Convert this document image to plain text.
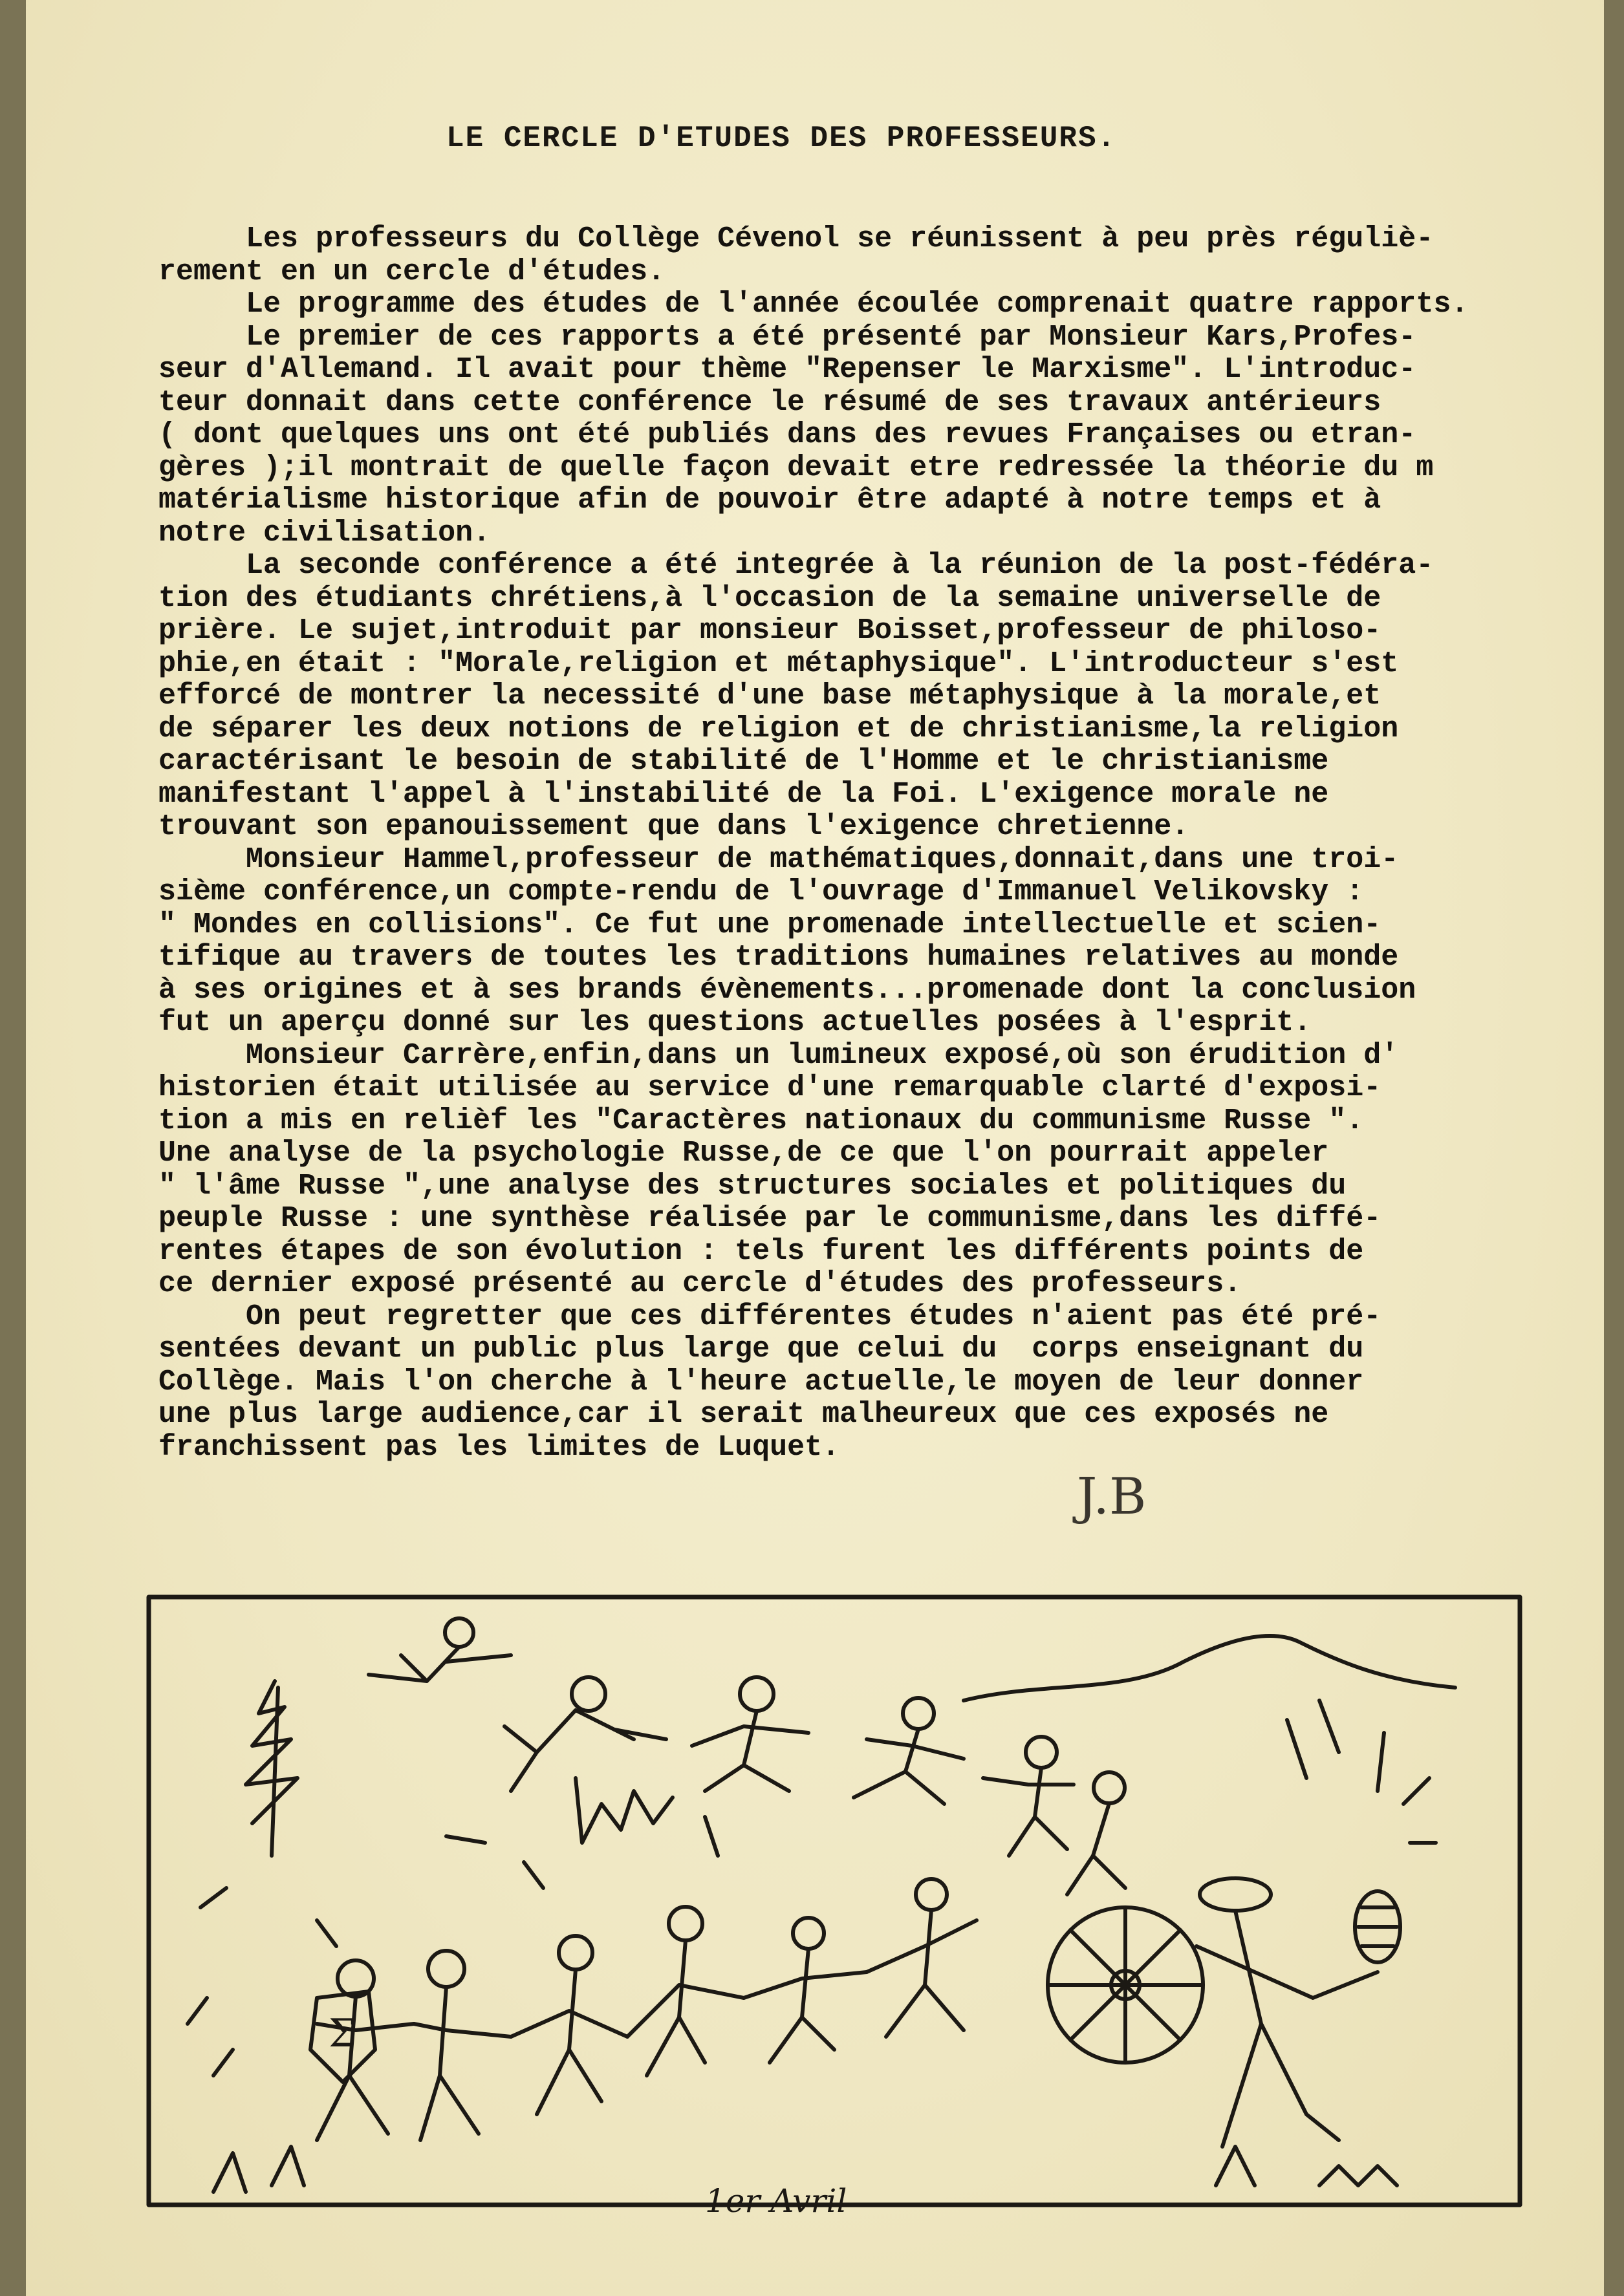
LE CERCLE D'ETUDES DES PROFESSEURS.
Les professeurs du Collège Cévenol se réunissent à peu près réguliè-
rement en un cercle d'études.
Le programme des études de l'année écoulée comprenait quatre rapports.
Le premier de ces rapports a été présenté par Monsieur Kars,Profes-
seur d'Allemand. Il avait pour thème "Repenser le Marxisme". L'introduc-
teur donnait dans cette conférence le résumé de ses travaux antérieurs
( dont quelques uns ont été publiés dans des revues Françaises ou etran-
gères );il montrait de quelle façon devait etre redressée la théorie du m
matérialisme historique afin de pouvoir être adapté à notre temps et à
notre civilisation.
La seconde conférence a été integrée à la réunion de la post-fédéra-
tion des étudiants chrétiens,à l'occasion de la semaine universelle de
prière. Le sujet,introduit par monsieur Boisset,professeur de philoso-
phie,en était : "Morale,religion et métaphysique". L'introducteur s'est
efforcé de montrer la necessité d'une base métaphysique à la morale,et
de séparer les deux notions de religion et de christianisme,la religion
caractérisant le besoin de stabilité de l'Homme et le christianisme
manifestant l'appel à l'instabilité de la Foi. L'exigence morale ne
trouvant son epanouissement que dans l'exigence chretienne.
Monsieur Hammel,professeur de mathématiques,donnait,dans une troi-
sième conférence,un compte-rendu de l'ouvrage d'Immanuel Velikovsky :
" Mondes en collisions". Ce fut une promenade intellectuelle et scien-
tifique au travers de toutes les traditions humaines relatives au monde
à ses origines et à ses brands évènements...promenade dont la conclusion
fut un aperçu donné sur les questions actuelles posées à l'esprit.
Monsieur Carrère,enfin,dans un lumineux exposé,où son érudition d'
historien était utilisée au service d'une remarquable clarté d'exposi-
tion a mis en relièf les "Caractères nationaux du communisme Russe ".
Une analyse de la psychologie Russe,de ce que l'on pourrait appeler
" l'âme Russe ",une analyse des structures sociales et politiques du
peuple Russe : une synthèse réalisée par le communisme,dans les diffé-
rentes étapes de son évolution : tels furent les différents points de
ce dernier exposé présenté au cercle d'études des professeurs.
On peut regretter que ces différentes études n'aient pas été pré-
sentées devant un public plus large que celui du  corps enseignant du
Collège. Mais l'on cherche à l'heure actuelle,le moyen de leur donner
une plus large audience,car il serait malheureux que ces exposés ne
franchissent pas les limites de Luquet.
J.B
Σ
1er Avril
